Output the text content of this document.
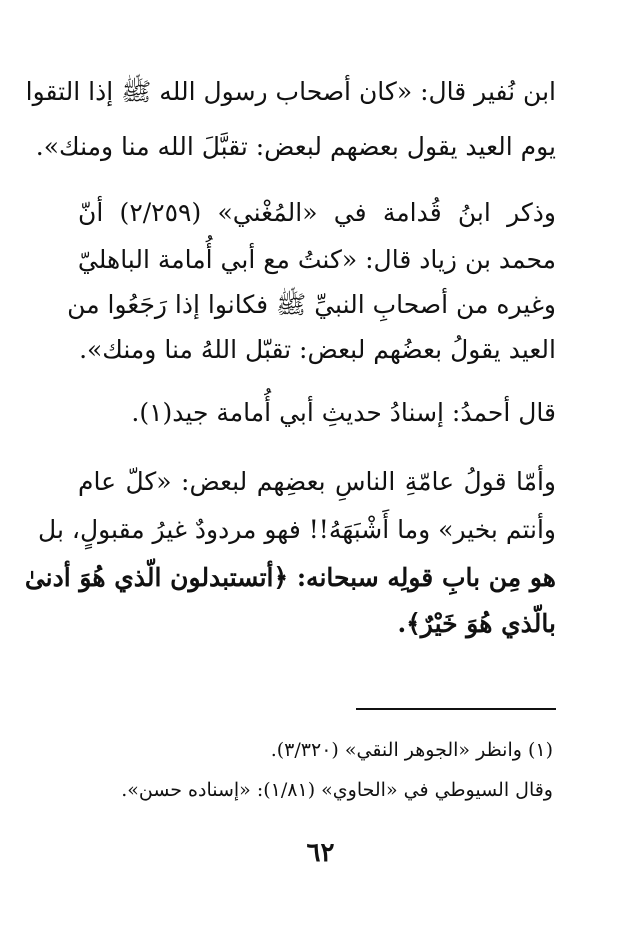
ابن نُفير قال: «كان أصحاب رسول الله ﷺ إذا التقوا
يوم العيد يقول بعضهم لبعض: تقبَّلَ الله منا ومنك».
وذكر ابنُ قُدامة في «المُغْني» (٢/٢٥٩) أنّ
محمد بن زياد قال: «كنتُ مع أبي أُمامة الباهليّ
وغيره من أصحابِ النبيِّ ﷺ فكانوا إذا رَجَعُوا من
العيد يقولُ بعضُهم لبعض: تقبّل اللهُ منا ومنك».
قال أحمدُ: إسنادُ حديثِ أبي أُمامة جيد(١).
وأمّا قولُ عامّةِ الناسِ بعضِهم لبعض: «كلّ عام
وأنتم بخير» وما أَشْبَهَهُ!! فهو مردودٌ غيرُ مقبولٍ، بل
هو مِن بابِ قولِه سبحانه: ﴿أتستبدلون الّذي هُوَ أدنىٰ
بالّذي هُوَ خَيْرٌ﴾.
(١) وانظر «الجوهر النقي» (٣/٣٢٠).
وقال السيوطي في «الحاوي» (١/٨١): «إسناده حسن».
٦٢
